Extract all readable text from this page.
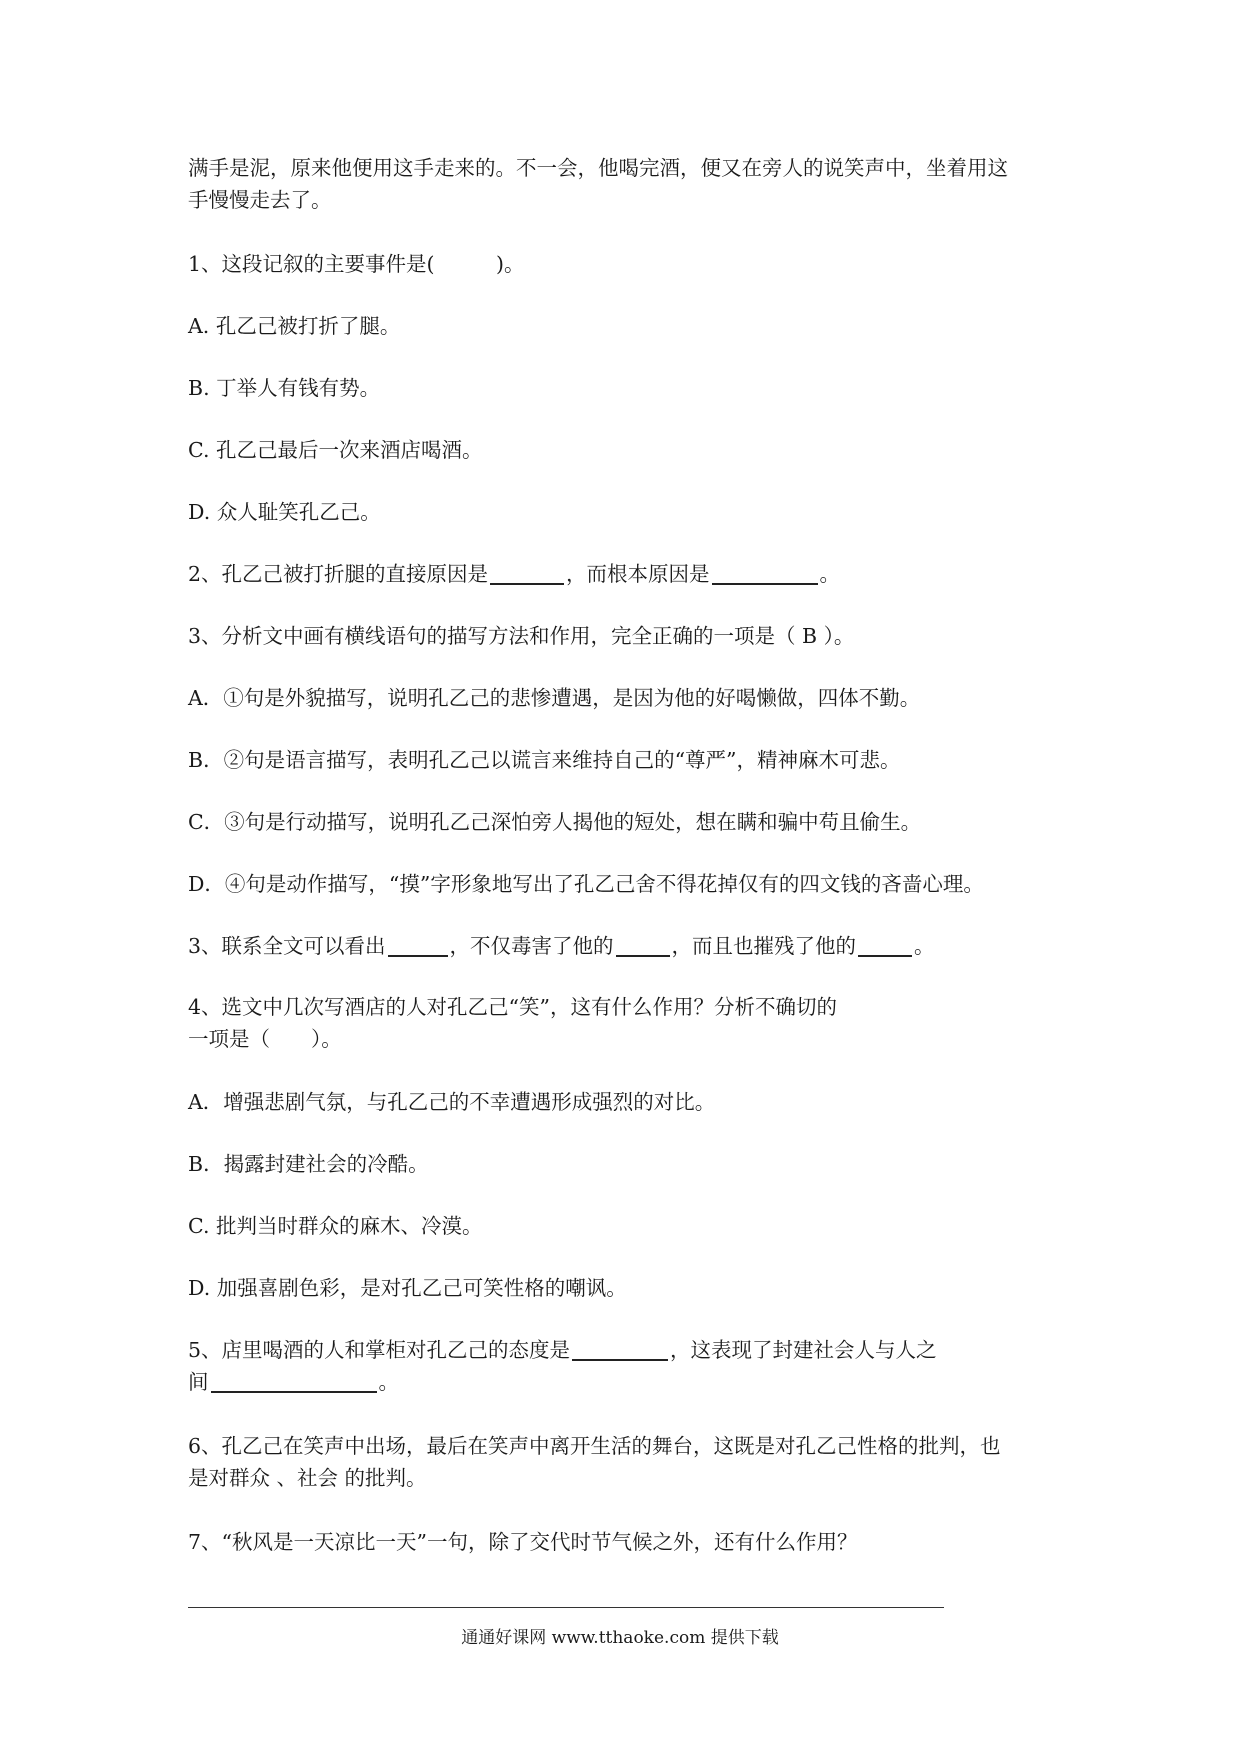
满手是泥，原来他便用这手走来的。不一会，他喝完酒，便又在旁人的说笑声中，坐着用这
手慢慢走去了。
1、这段记叙的主要事件是(　　　)。
A. 孔乙己被打折了腿。
B. 丁举人有钱有势。
C. 孔乙己最后一次来酒店喝酒。
D. 众人耻笑孔乙己。
2、孔乙己被打折腿的直接原因是	，而根本原因是	。
3、分析文中画有横线语句的描写方法和作用，完全正确的一项是（ B ）。
A．①句是外貌描写，说明孔乙己的悲惨遭遇，是因为他的好喝懒做，四体不勤。
B．②句是语言描写，表明孔乙己以谎言来维持自己的“尊严”，精神麻木可悲。
C．③句是行动描写，说明孔乙己深怕旁人揭他的短处，想在瞒和骗中苟且偷生。
D．④句是动作描写，“摸”字形象地写出了孔乙己舍不得花掉仅有的四文钱的吝啬心理。
3、联系全文可以看出	，不仅毒害了他的	，而且也摧残了他的	。
4、选文中几次写酒店的人对孔乙己“笑”，这有什么作用？分析不确切的
一项是（　　）。
A．增强悲剧气氛，与孔乙己的不幸遭遇形成强烈的对比。
B．揭露封建社会的冷酷。
C. 批判当时群众的麻木、冷漠。
D. 加强喜剧色彩，是对孔乙己可笑性格的嘲讽。
5、店里喝酒的人和掌柜对孔乙己的态度是	，这表现了封建社会人与人之
间	。
6、孔乙己在笑声中出场，最后在笑声中离开生活的舞台，这既是对孔乙己性格的批判，也
是对群众 、社会 的批判。
7、“秋风是一天凉比一天”一句，除了交代时节气候之外，还有什么作用？
通通好课网 www.tthaoke.com 提供下载
